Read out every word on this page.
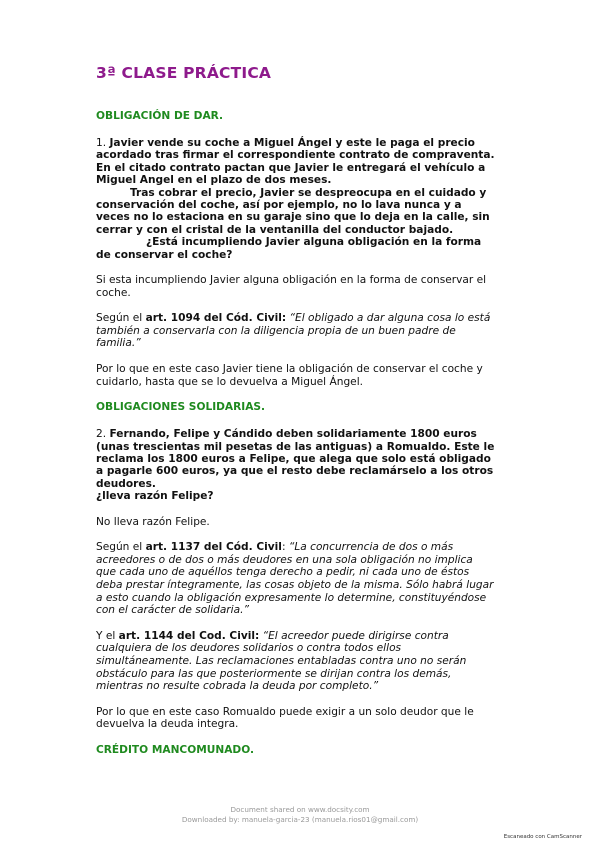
3ª CLASE PRÁCTICA
OBLIGACIÓN DE DAR.
1. Javier vende su coche a Miguel Ángel y este le paga el precio acordado tras firmar el correspondiente contrato de compraventa. En el citado contrato pactan que Javier le entregará el vehículo a Miguel Angel en el plazo de dos meses.
Tras cobrar el precio, Javier se despreocupa en el cuidado y conservación del coche, así por ejemplo, no lo lava nunca y a veces no lo estaciona en su garaje sino que lo deja en la calle, sin cerrar y con el cristal de la ventanilla del conductor bajado.
¿Está incumpliendo Javier alguna obligación en la forma de conservar el coche?

Si esta incumpliendo Javier alguna obligación en la forma de conservar el coche.

Según el art. 1094 del Cód. Civil: “El obligado a dar alguna cosa lo está también a conservarla con la diligencia propia de un buen padre de familia.”

Por lo que en este caso Javier tiene la obligación de conservar el coche y cuidarlo, hasta que se lo devuelva a Miguel Ángel.

OBLIGACIONES SOLIDARIAS.
2. Fernando, Felipe y Cándido deben solidariamente 1800 euros (unas trescientas mil pesetas de las antiguas) a Romualdo. Este le reclama los 1800 euros a Felipe, que alega que solo está obligado a pagarle 600 euros, ya que el resto debe reclamárselo a los otros deudores.
¿lleva razón Felipe?

No lleva razón Felipe.

Según el art. 1137 del Cód. Civil: “La concurrencia de dos o más acreedores o de dos o más deudores en una sola obligación no implica que cada uno de aquéllos tenga derecho a pedir, ni cada uno de éstos deba prestar íntegramente, las cosas objeto de la misma. Sólo habrá lugar a esto cuando la obligación expresamente lo determine, constituyéndose con el carácter de solidaria.”

Y el art. 1144 del Cod. Civil: “El acreedor puede dirigirse contra cualquiera de los deudores solidarios o contra todos ellos simultáneamente. Las reclamaciones entabladas contra uno no serán obstáculo para las que posteriormente se dirijan contra los demás, mientras no resulte cobrada la deuda por completo.”

Por lo que en este caso Romualdo puede exigir a un solo deudor que le devuelva la deuda integra.

CRÉDITO MANCOMUNADO.
Document shared on www.docsity.com
Downloaded by: manuela-garcia-23 (manuela.rios01@gmail.com)
Escaneado con CamScanner
